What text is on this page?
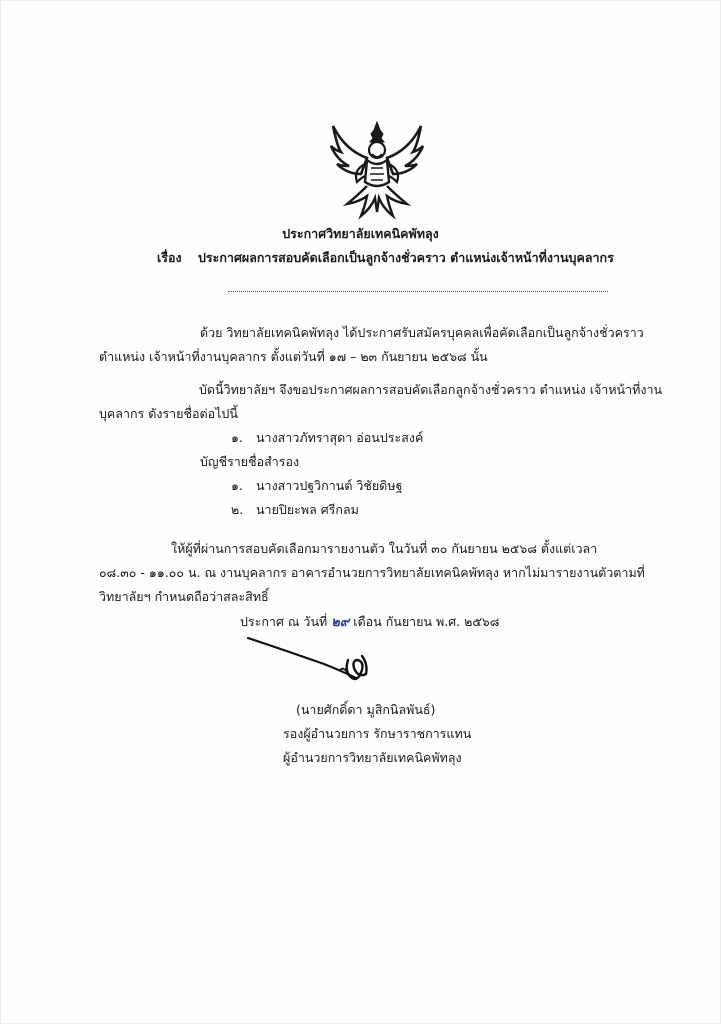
ประกาศวิทยาลัยเทคนิคพัทลุง
เรื่อง ประกาศผลการสอบคัดเลือกเป็นลูกจ้างชั่วคราว ตำแหน่งเจ้าหน้าที่งานบุคลากร
ด้วย วิทยาลัยเทคนิคพัทลุง ได้ประกาศรับสมัครบุคคลเพื่อคัดเลือกเป็นลูกจ้างชั่วคราว
ตำแหน่ง เจ้าหน้าที่งานบุคลากร ตั้งแต่วันที่ ๑๗ – ๒๓ กันยายน ๒๕๖๘ นั้น
บัดนี้วิทยาลัยฯ จึงขอประกาศผลการสอบคัดเลือกลูกจ้างชั่วคราว ตำแหน่ง เจ้าหน้าที่งาน
บุคลากร ดังรายชื่อต่อไปนี้
๑. นางสาวภัทราสุดา อ่อนประสงค์
บัญชีรายชื่อสำรอง
๑. นางสาวปฐวิกานต์ วิชัยดิษฐ
๒. นายปิยะพล ศรีกลม
ให้ผู้ที่ผ่านการสอบคัดเลือกมารายงานตัว ในวันที่ ๓๐ กันยายน ๒๕๖๘ ตั้งแต่เวลา
๐๘.๓๐ - ๑๑.๐๐ น. ณ งานบุคลากร อาคารอำนวยการวิทยาลัยเทคนิคพัทลุง หากไม่มารายงานตัวตามที่
วิทยาลัยฯ กำหนดถือว่าสละสิทธิ์
ประกาศ ณ วันที่ ๒๙ เดือน กันยายน พ.ศ. ๒๕๖๘
(นายศักดิ์ดา มูสิกนิลพันธ์)
รองผู้อำนวยการ รักษาราชการแทน
ผู้อำนวยการวิทยาลัยเทคนิคพัทลุง
